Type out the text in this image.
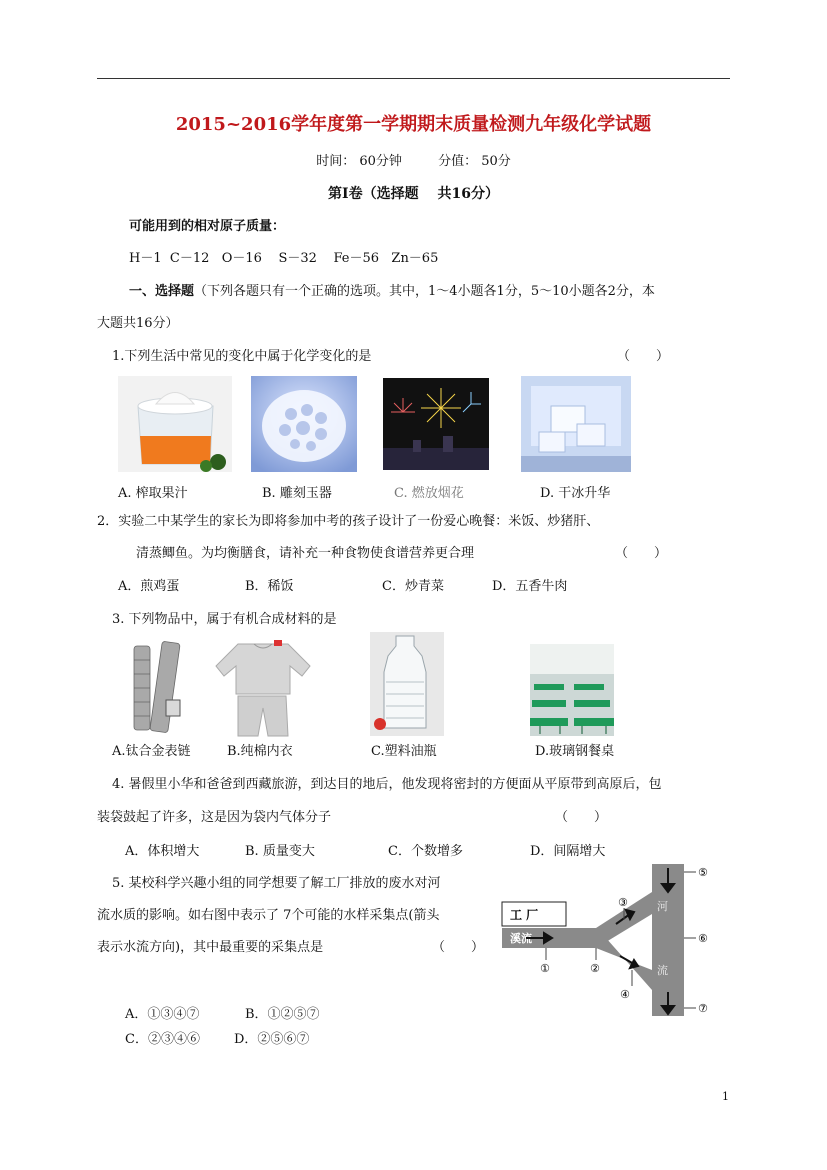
2015~2016学年度第一学期期末质量检测九年级化学试题
时间： 60分钟	分值： 50分
第Ⅰ卷（选择题　 共16分）
可能用到的相对原子质量：
H－1  C－12   O－16    S－32    Fe－56   Zn－65
一、选择题（下列各题只有一个正确的选项。其中，1～4小题各1分，5～10小题各2分，本
大题共16分）
1.下列生活中常见的变化中属于化学变化的是	（　　）
A. 榨取果汁	B. 雕刻玉器	C. 燃放烟花	D. 干冰升华
2．实验二中某学生的家长为即将参加中考的孩子设计了一份爱心晚餐：米饭、炒猪肝、
清蒸鲫鱼。为均衡膳食，请补充一种食物使食谱营养更合理	（　　）
A．煎鸡蛋	B．稀饭	C．炒青菜	D．五香牛肉
3. 下列物品中，属于有机合成材料的是
A.钛合金表链	B.纯棉内衣	C.塑料油瓶	D.玻璃钢餐桌
4. 暑假里小华和爸爸到西藏旅游，到达目的地后，他发现将密封的方便面从平原带到高原后，包
装袋鼓起了许多，这是因为袋内气体分子	（　　）
A．体积增大	B. 质量变大	C．个数增多	D．间隔增大
5. 某校科学兴趣小组的同学想要了解工厂排放的废水对河
流水质的影响。如右图中表示了 7个可能的水样采集点(箭头
表示水流方向)，其中最重要的采集点是	（　　）
工 厂
溪流
河
流
①	②
③
④
⑤
⑥
⑦
A．①③④⑦	B．①②⑤⑦
C．②③④⑥	D．②⑤⑥⑦
1
